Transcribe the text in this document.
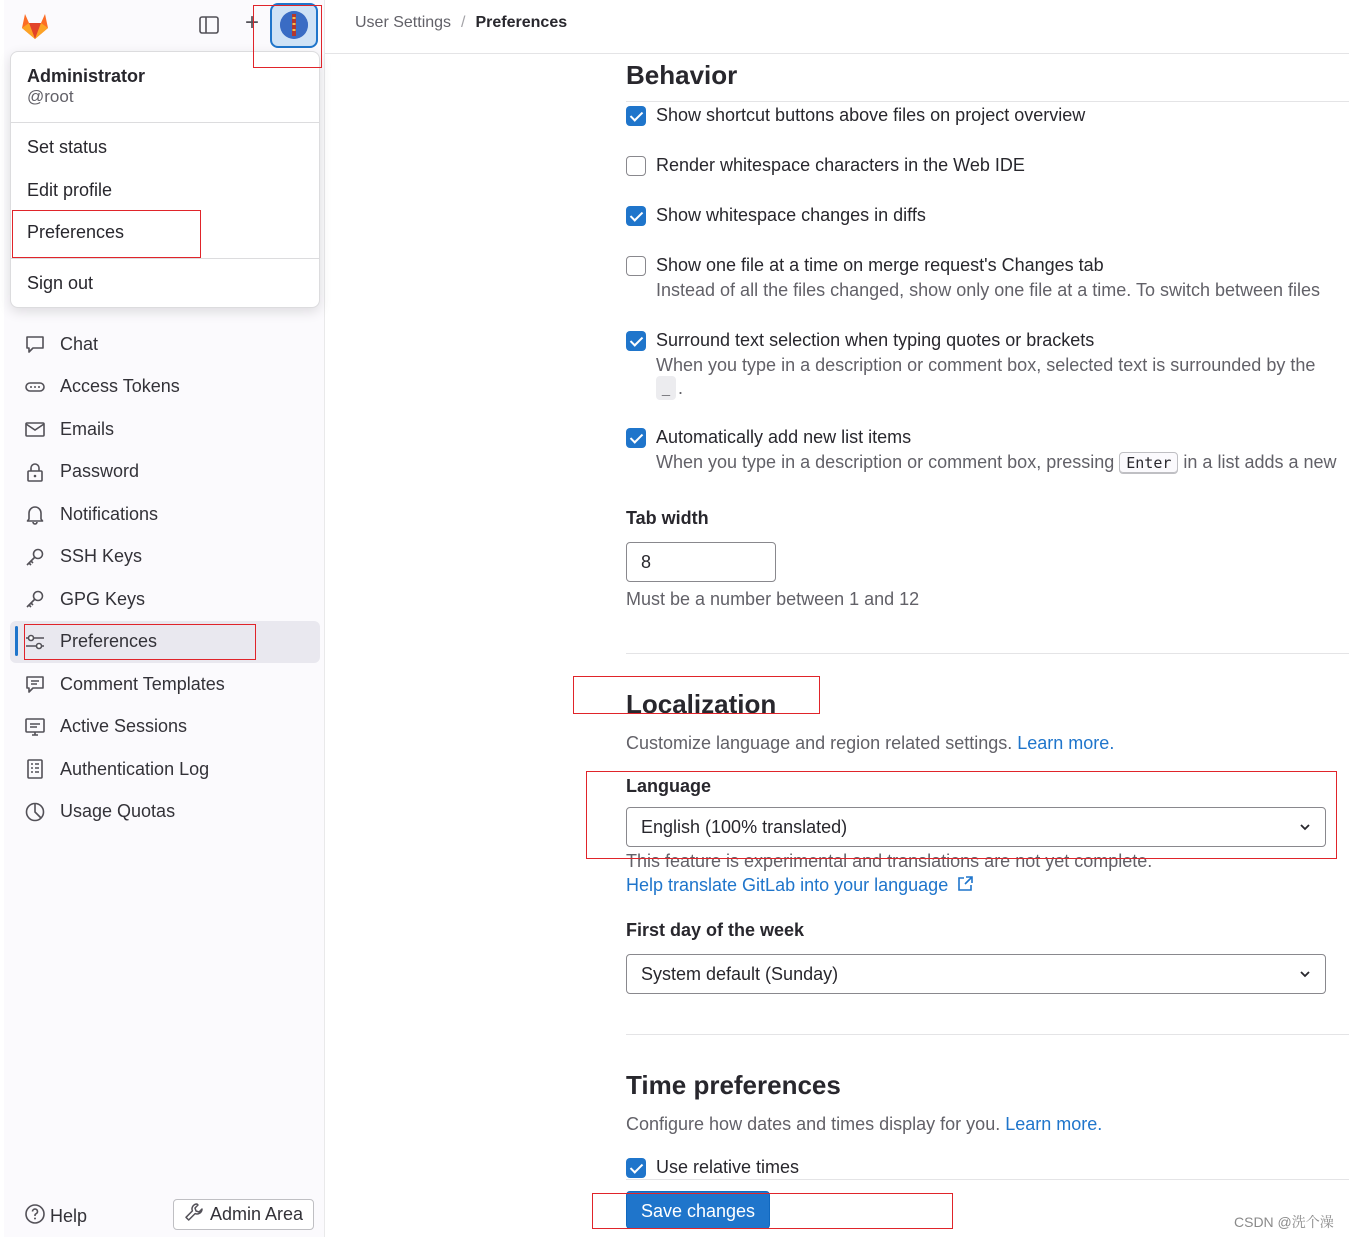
+
Chat
Access Tokens
Emails
Password
Notifications
SSH Keys
GPG Keys
Preferences
Comment Templates
Active Sessions
Authentication Log
Usage Quotas
Help	Admin Area
Administrator
@root
Set status
Edit profile
Preferences
Sign out
User Settings / Preferences
Behavior
Show shortcut buttons above files on project overview
Render whitespace characters in the Web IDE
Show whitespace changes in diffs
Show one file at a time on merge request's Changes tab
Instead of all the files changed, show only one file at a time. To switch between files
Surround text selection when typing quotes or brackets
When you type in a description or comment box, selected text is surrounded by the
_ .
Automatically add new list items
When you type in a description or comment box, pressing Enter in a list adds a new
Tab width
8
Must be a number between 1 and 12
Localization
Customize language and region related settings. Learn more.
Language
English (100% translated)
This feature is experimental and translations are not yet complete.
Help translate GitLab into your language
First day of the week
System default (Sunday)
Time preferences
Configure how dates and times display for you. Learn more.
Use relative times
Save changes
CSDN @洗个澡
